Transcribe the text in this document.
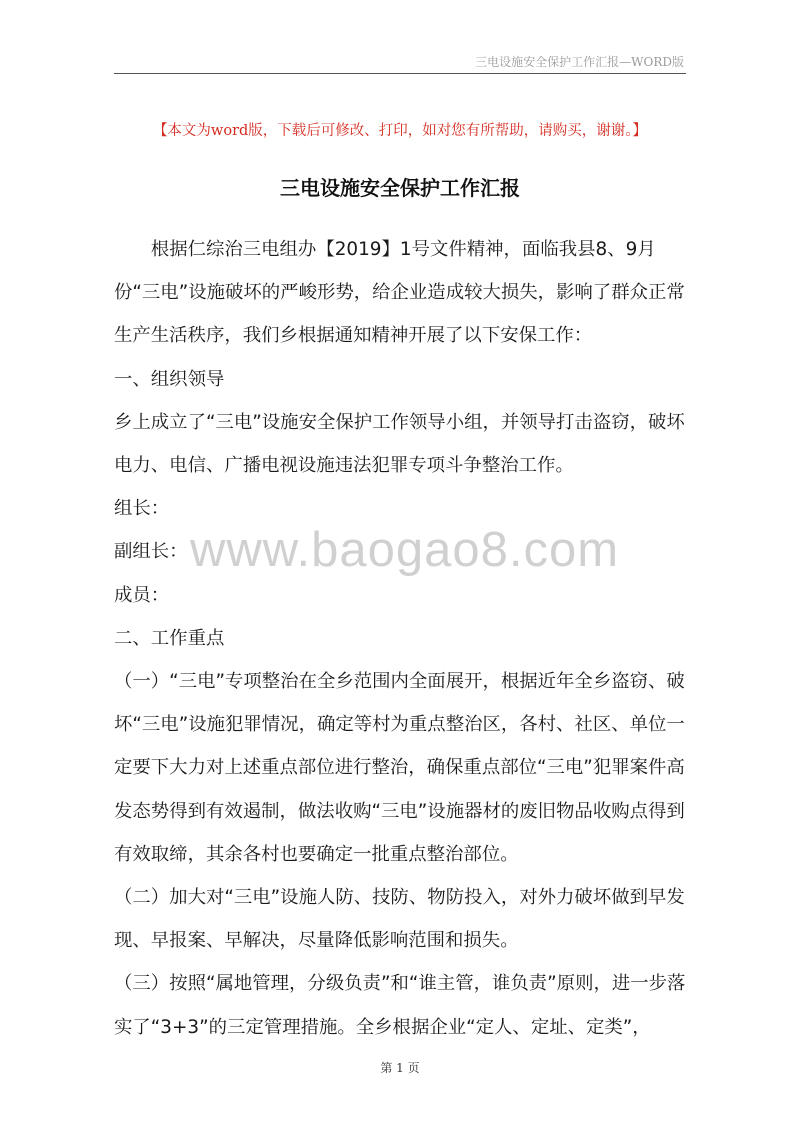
三电设施安全保护工作汇报—WORD版
【本文为word版，下载后可修改、打印，如对您有所帮助，请购买，谢谢。】
三电设施安全保护工作汇报

根据仁综治三电组办【2019】1号文件精神，面临我县8、9月份“三电”设施破坏的严峻形势，给企业造成较大损失，影响了群众正常生产生活秩序，我们乡根据通知精神开展了以下安保工作：

一、组织领导

乡上成立了“三电”设施安全保护工作领导小组，并领导打击盗窃，破坏电力、电信、广播电视设施违法犯罪专项斗争整治工作。

组长：

副组长：

成员：

二、工作重点

（一）“三电”专项整治在全乡范围内全面展开，根据近年全乡盗窃、破坏“三电”设施犯罪情况，确定等村为重点整治区，各村、社区、单位一定要下大力对上述重点部位进行整治，确保重点部位“三电”犯罪案件高发态势得到有效遏制，做法收购“三电”设施器材的废旧物品收购点得到有效取缔，其余各村也要确定一批重点整治部位。

（二）加大对“三电”设施人防、技防、物防投入，对外力破坏做到早发现、早报案、早解决，尽量降低影响范围和损失。

（三）按照“属地管理，分级负责”和“谁主管，谁负责”原则，进一步落实了“3+3”的三定管理措施。全乡根据企业“定人、定址、定类”，

www.baogao8.com
第 1 页
